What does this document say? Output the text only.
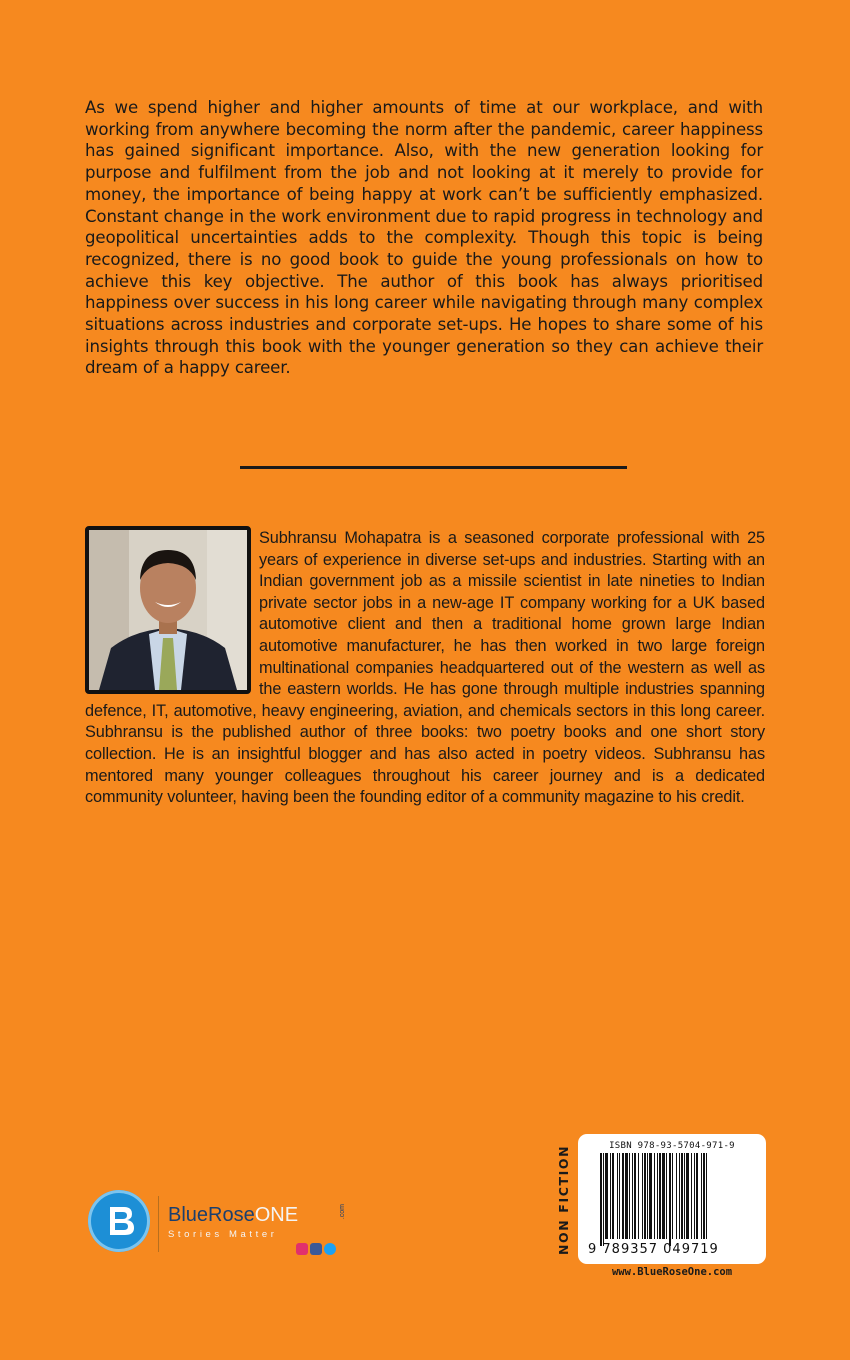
As we spend higher and higher amounts of time at our workplace, and with working from anywhere becoming the norm after the pandemic, career happiness has gained significant importance. Also, with the new generation looking for purpose and fulfilment from the job and not looking at it merely to provide for money, the importance of being happy at work can’t be sufficiently emphasized. Constant change in the work environment due to rapid progress in technology and geopolitical uncertainties adds to the complexity. Though this topic is being recognized, there is no good book to guide the young professionals on how to achieve this key objective. The author of this book has always prioritised happiness over success in his long career while navigating through many complex situations across industries and corporate set-ups. He hopes to share some of his insights through this book with the younger generation so they can achieve their dream of a happy career.

Subhransu Mohapatra is a seasoned corporate professional with 25 years of experience in diverse set-ups and industries. Starting with an Indian government job as a missile scientist in late nineties to Indian private sector jobs in a new-age IT company working for a UK based automotive client and then a traditional home grown large Indian automotive manufacturer, he has then worked in two large foreign multinational companies headquartered out of the western as well as the eastern worlds. He has gone through multiple industries spanning defence, IT, automotive, heavy engineering, aviation, and chemicals sectors in this long career. Subhransu is the published author of three books: two poetry books and one short story collection. He is an insightful blogger and has also acted in poetry videos. Subhransu has mentored many younger colleagues throughout his career journey and is a dedicated community volunteer, having been the founding editor of a community magazine to his credit.

BlueRoseONE	.com
Stories Matter	NON FICTION	ISBN 978-93-5704-971-9
9 789357 049719
www.BlueRoseOne.com
